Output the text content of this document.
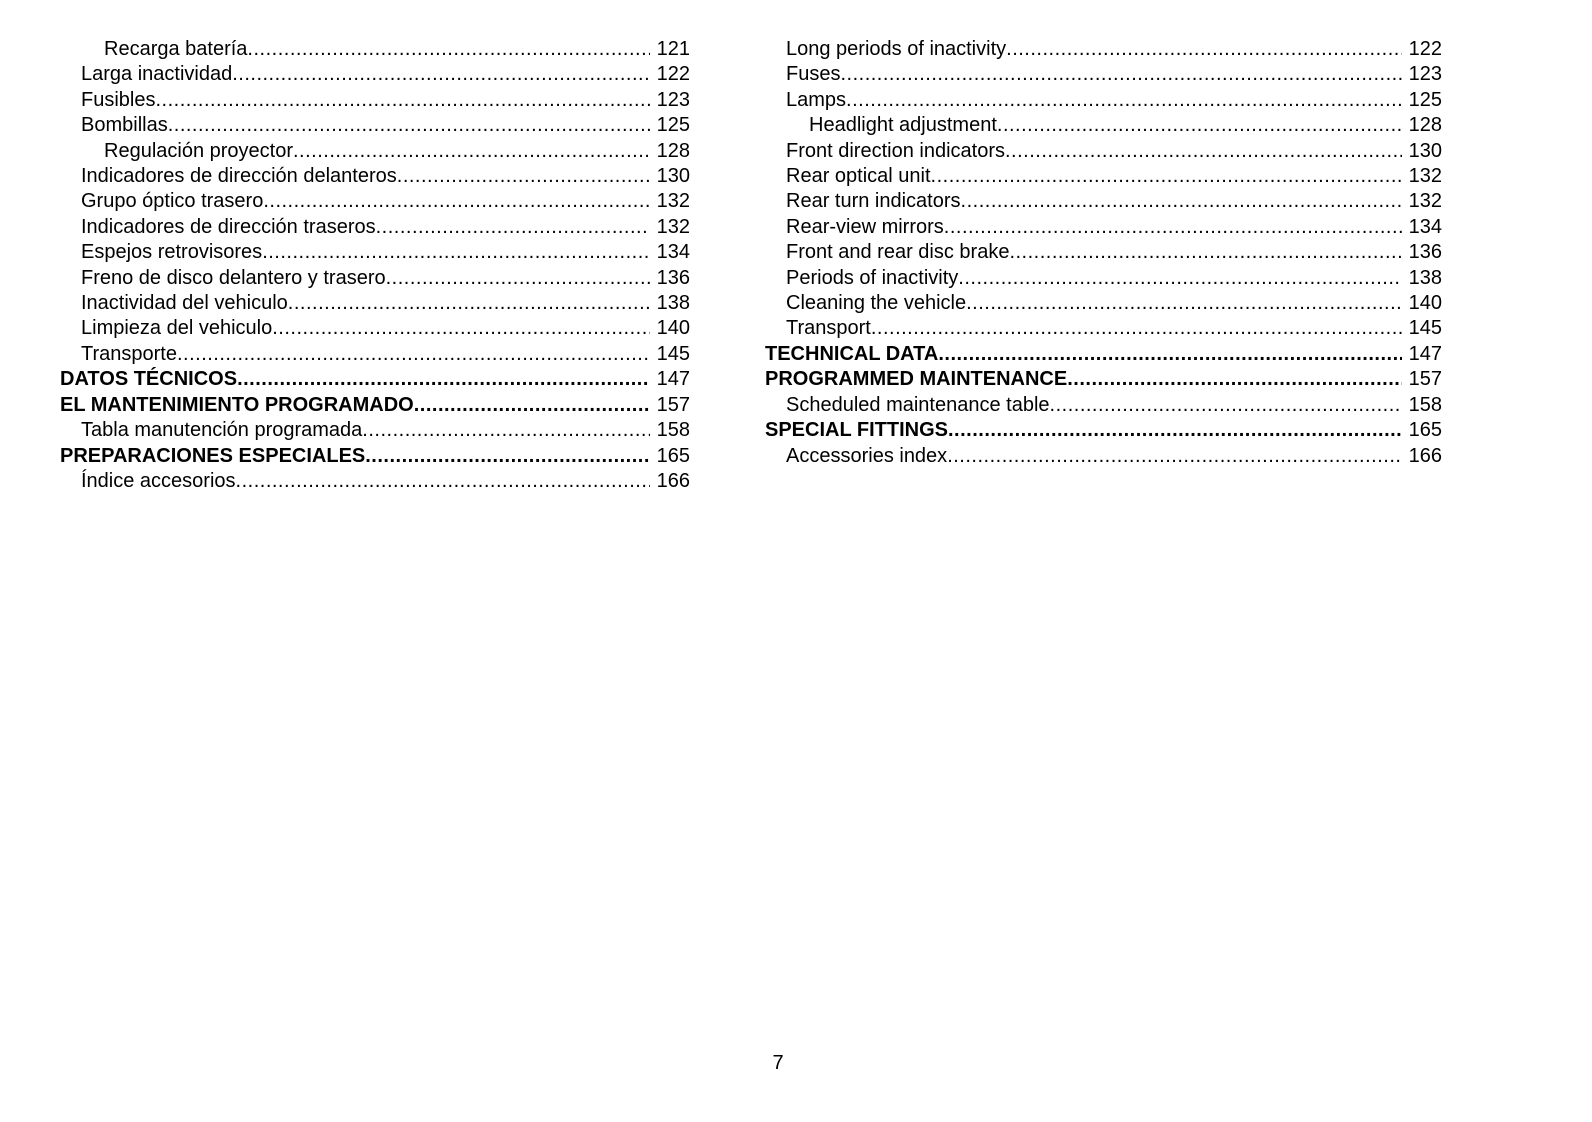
Recarga batería .....	121
Larga inactividad .....	122
Fusibles .....	123
Bombillas .....	125
Regulación proyector .....	128
Indicadores de dirección delanteros .....	130
Grupo óptico trasero .....	132
Indicadores de dirección traseros .....	132
Espejos retrovisores .....	134
Freno de disco delantero y trasero .....	136
Inactividad del vehiculo .....	138
Limpieza del vehiculo .....	140
Transporte .....	145
DATOS TÉCNICOS .....	147
EL MANTENIMIENTO PROGRAMADO .....	157
Tabla manutención programada .....	158
PREPARACIONES ESPECIALES .....	165
Índice accesorios .....	166
Long periods of inactivity .....	122
Fuses .....	123
Lamps .....	125
Headlight adjustment .....	128
Front direction indicators .....	130
Rear optical unit .....	132
Rear turn indicators .....	132
Rear-view mirrors .....	134
Front and rear disc brake .....	136
Periods of inactivity .....	138
Cleaning the vehicle .....	140
Transport .....	145
TECHNICAL DATA .....	147
PROGRAMMED MAINTENANCE .....	157
Scheduled maintenance table .....	158
SPECIAL FITTINGS .....	165
Accessories index .....	166
7
